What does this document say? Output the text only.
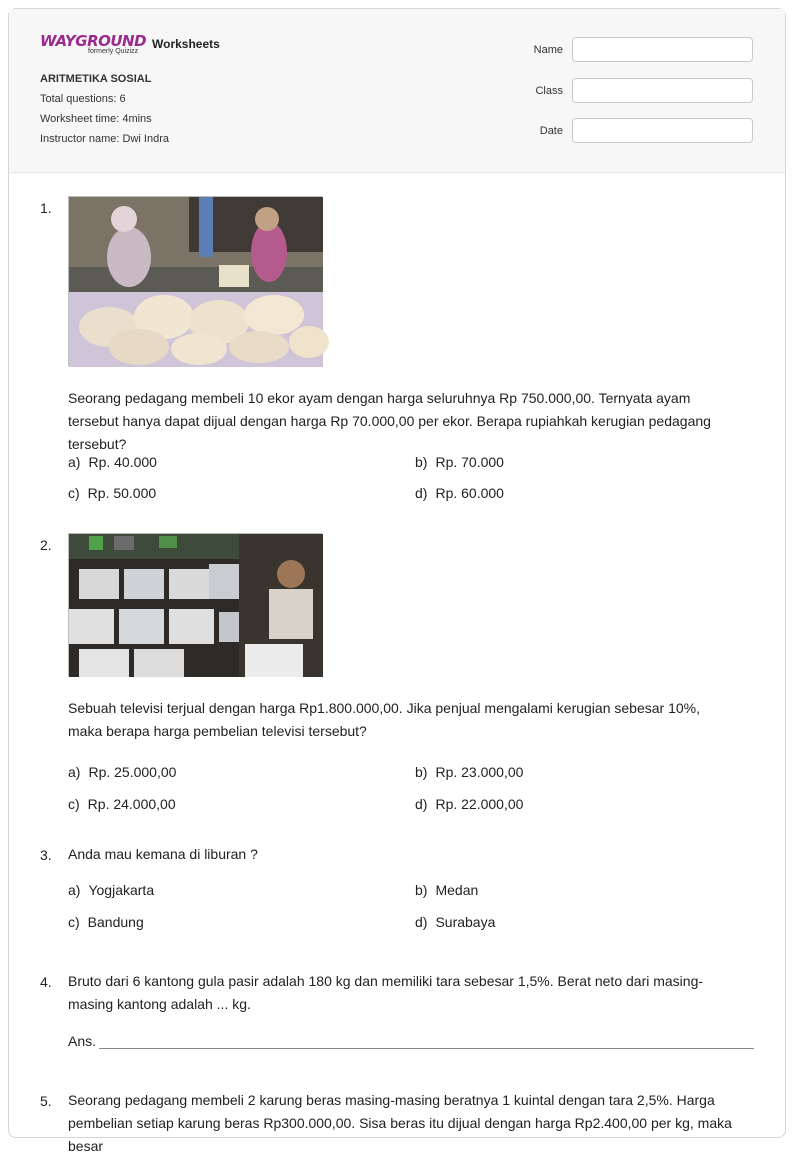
WAYGROUND
formerly Quizizz
Worksheets
ARITMETIKA SOSIAL
Total questions: 6
Worksheet time: 4mins
Instructor name: Dwi Indra
Name
Class
Date
1.
Seorang pedagang membeli 10 ekor ayam dengan harga seluruhnya Rp 750.000,00. Ternyata ayam tersebut hanya dapat dijual dengan harga Rp 70.000,00 per ekor. Berapa rupiahkah kerugian pedagang tersebut?
a) Rp. 40.000	b) Rp. 70.000
c) Rp. 50.000	d) Rp. 60.000
2.
Sebuah televisi terjual dengan harga Rp1.800.000,00. Jika penjual mengalami kerugian sebesar 10%, maka berapa harga pembelian televisi tersebut?
a) Rp. 25.000,00	b) Rp. 23.000,00
c) Rp. 24.000,00	d) Rp. 22.000,00
3. Anda mau kemana di liburan ?
a) Yogjakarta	b) Medan
c) Bandung	d) Surabaya
4. Bruto dari 6 kantong gula pasir adalah 180 kg dan memiliki tara sebesar 1,5%. Berat neto dari masing-masing kantong adalah ... kg.
Ans.
5. Seorang pedagang membeli 2 karung beras masing-masing beratnya 1 kuintal dengan tara 2,5%. Harga pembelian setiap karung beras Rp300.000,00. Sisa beras itu dijual dengan harga Rp2.400,00 per kg, maka besar
